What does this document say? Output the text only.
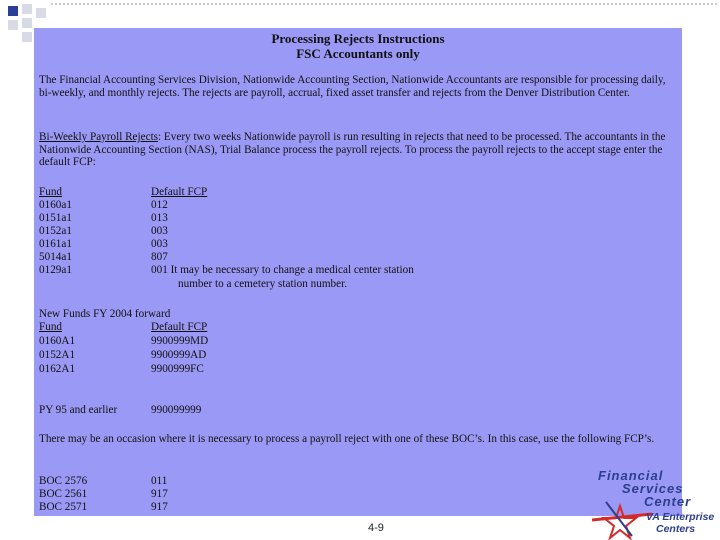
Processing Rejects Instructions
FSC Accountants only
The Financial Accounting Services Division, Nationwide Accounting Section, Nationwide Accountants are responsible for processing daily, bi-weekly, and monthly rejects. The rejects are payroll, accrual, fixed asset transfer and rejects from the Denver Distribution Center.
Bi-Weekly Payroll Rejects: Every two weeks Nationwide payroll is run resulting in rejects that need to be processed. The accountants in the Nationwide Accounting Section (NAS), Trial Balance process the payroll rejects. To process the payroll rejects to the accept stage enter the default FCP:
Fund	Default FCP
0160a1	012
0151a1	013
0152a1	003
0161a1	003
5014a1	807
0129a1	001 It may be necessary to change a medical center station
number to a cemetery station number.
New Funds FY 2004 forward
Fund	Default FCP
0160A1	9900999MD
0152A1	9900999AD
0162A1	9900999FC
PY 95 and earlier	990099999
There may be an occasion where it is necessary to process a payroll reject with one of these BOC’s. In this case, use the following FCP’s.
BOC 2576	011
BOC 2561	917
BOC 2571	917
4-9
Financial
Services
Center
VA Enterprise
Centers
